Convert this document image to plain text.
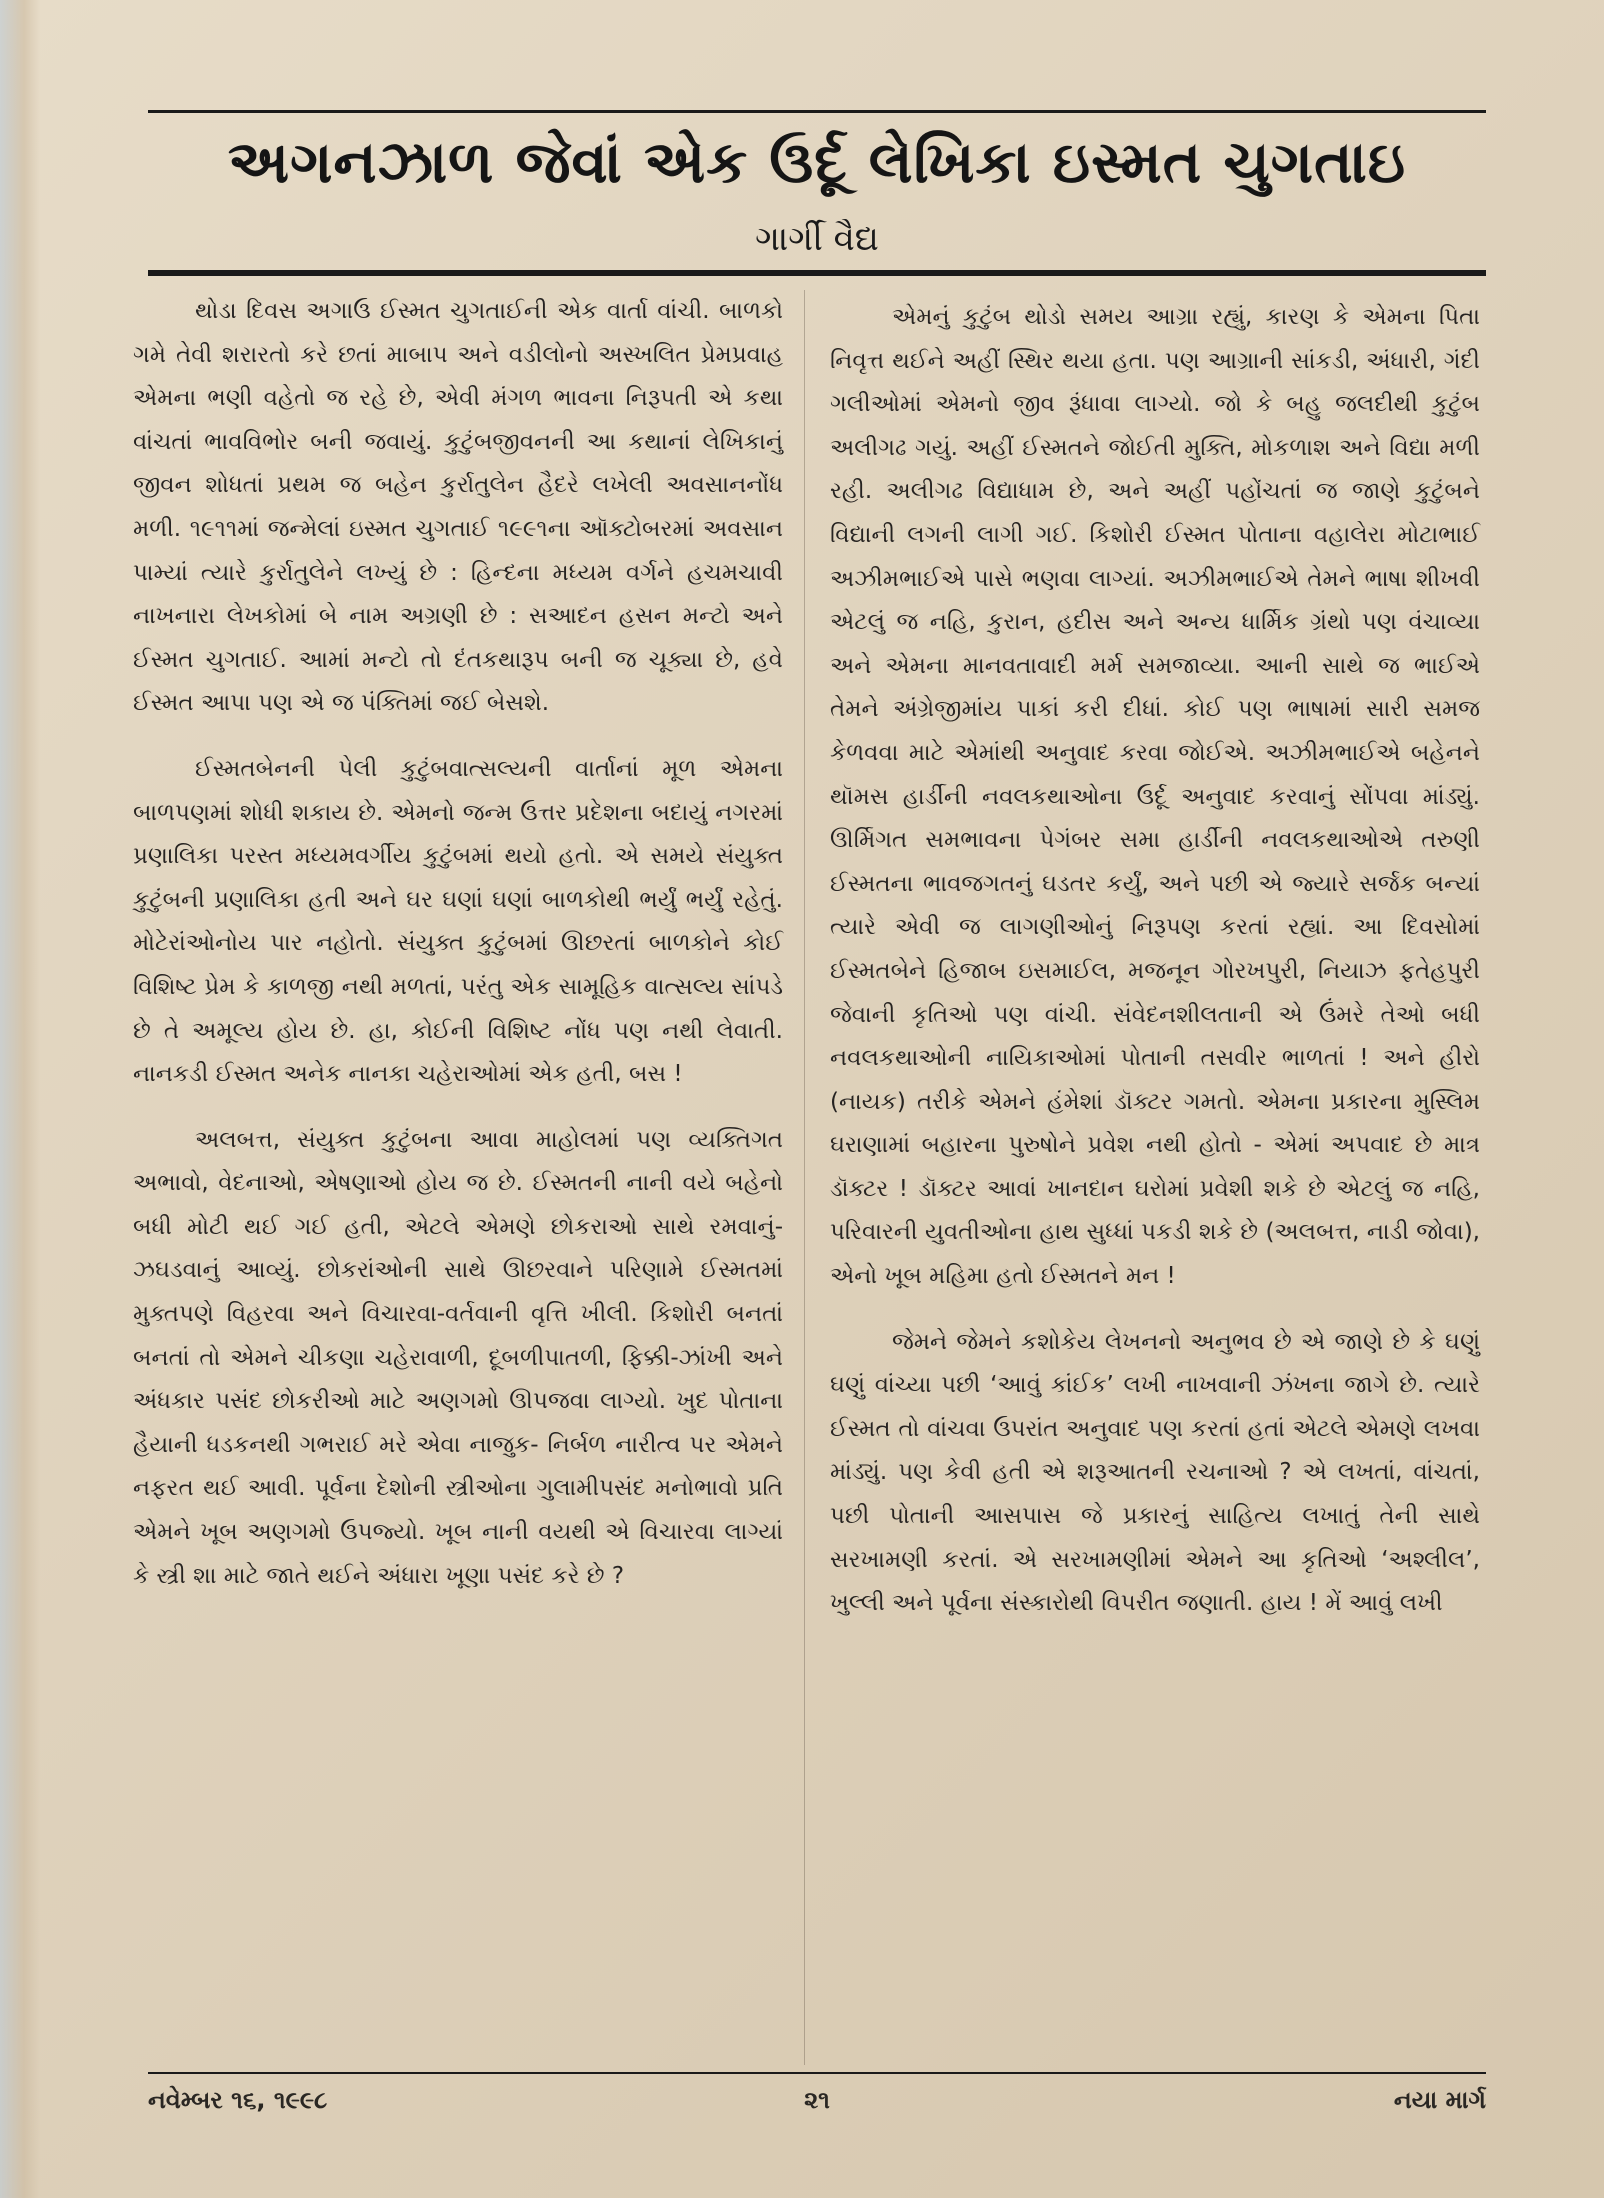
અગનઝાળ જેવાં એક ઉર્દૂ લેખિકા ઇસ્મત ચુગતાઇ
ગાર્ગી વૈદ્ય

થોડા દિવસ અગાઉ ઈસ્મત ચુગતાઈની એક વાર્તા વાંચી. બાળકો ગમે તેવી શરારતો કરે છતાં માબાપ અને વડીલોનો અસ્ખલિત પ્રેમપ્રવાહ એમના ભણી વહેતો જ રહે છે, એવી મંગળ ભાવના નિરૂપતી એ કથા વાંચતાં ભાવવિભોર બની જવાયું. કુટુંબજીવનની આ કથાનાં લેખિકાનું જીવન શોધતાં પ્રથમ જ બહેન કુર્રાતુલેન હૈદરે લખેલી અવસાનનોંધ મળી. ૧૯૧૧માં જન્મેલાં ઇસ્મત ચુગતાઈ ૧૯૯૧ના ઑક્ટોબરમાં અવસાન પામ્યાં ત્યારે કુર્રાતુલેને લખ્યું છે : હિન્દના મધ્યમ વર્ગને હચમચાવી નાખનારા લેખકોમાં બે નામ અગ્રણી છે : સઆદન હસન મન્ટો અને ઈસ્મત ચુગતાઈ. આમાં મન્ટો તો દંતકથારૂપ બની જ ચૂક્યા છે, હવે ઈસ્મત આપા પણ એ જ પંક્તિમાં જઈ બેસશે.

ઈસ્મતબેનની પેલી કુટુંબવાત્સલ્યની વાર્તાનાં મૂળ એમના બાળપણમાં શોધી શકાય છે. એમનો જન્મ ઉત્તર પ્રદેશના બદાયું નગરમાં પ્રણાલિકા પરસ્ત મધ્યમવર્ગીય કુટુંબમાં થયો હતો. એ સમયે સંયુક્ત કુટુંબની પ્રણાલિકા હતી અને ઘર ઘણાં ઘણાં બાળકોથી ભર્યું ભર્યું રહેતું. મોટેરાંઓનોય પાર નહોતો. સંયુક્ત કુટુંબમાં ઊછરતાં બાળકોને કોઈ વિશિષ્ટ પ્રેમ કે કાળજી નથી મળતાં, પરંતુ એક સામૂહિક વાત્સલ્ય સાંપડે છે તે અમૂલ્ય હોય છે. હા, કોઈની વિશિષ્ટ નોંધ પણ નથી લેવાતી. નાનકડી ઈસ્મત અનેક નાનકા ચહેરાઓમાં એક હતી, બસ !

અલબત્ત, સંયુક્ત કુટુંબના આવા માહોલમાં પણ વ્યક્તિગત અભાવો, વેદનાઓ, એષણાઓ હોય જ છે. ઈસ્મતની નાની વયે બહેનો બધી મોટી થઈ ગઈ હતી, એટલે એમણે છોકરાઓ સાથે રમવાનું-ઝઘડવાનું આવ્યું. છોકરાંઓની સાથે ઊછરવાને પરિણામે ઈસ્મતમાં મુક્તપણે વિહરવા અને વિચારવા-વર્તવાની વૃત્તિ ખીલી. કિશોરી બનતાં બનતાં તો એમને ચીકણા ચહેરાવાળી, દૂબળીપાતળી, ફિક્કી-ઝાંખી અને અંધકાર પસંદ છોકરીઓ માટે અણગમો ઊપજવા લાગ્યો. ખુદ પોતાના હૈયાની ધડકનથી ગભરાઈ મરે એવા નાજુક- નિર્બળ નારીત્વ પર એમને નફરત થઈ આવી. પૂર્વના દેશોની સ્ત્રીઓના ગુલામીપસંદ મનોભાવો પ્રતિ એમને ખૂબ અણગમો ઉપજ્યો. ખૂબ નાની વયથી એ વિચારવા લાગ્યાં કે સ્ત્રી શા માટે જાતે થઈને અંધારા ખૂણા પસંદ કરે છે ?

એમનું કુટુંબ થોડો સમય આગ્રા રહ્યું, કારણ કે એમના પિતા નિવૃત્ત થઈને અહીં સ્થિર થયા હતા. પણ આગ્રાની સાંકડી, અંધારી, ગંદી ગલીઓમાં એમનો જીવ રૂંધાવા લાગ્યો. જો કે બહુ જલદીથી કુટુંબ અલીગઢ ગયું. અહીં ઈસ્મતને જોઈતી મુક્તિ, મોકળાશ અને વિદ્યા મળી રહી. અલીગઢ વિદ્યાધામ છે, અને અહીં પહોંચતાં જ જાણે કુટુંબને વિદ્યાની લગની લાગી ગઈ. કિશોરી ઈસ્મત પોતાના વહાલેરા મોટાભાઈ અઝીમભાઈએ પાસે ભણવા લાગ્યાં. અઝીમભાઈએ તેમને ભાષા શીખવી એટલું જ નહિ, કુરાન, હદીસ અને અન્ય ધાર્મિક ગ્રંથો પણ વંચાવ્યા અને એમના માનવતાવાદી મર્મ સમજાવ્યા. આની સાથે જ ભાઈએ તેમને અંગ્રેજીમાંય પાકાં કરી દીધાં. કોઈ પણ ભાષામાં સારી સમજ કેળવવા માટે એમાંથી અનુવાદ કરવા જોઈએ. અઝીમભાઈએ બહેનને થૉમસ હાર્ડીની નવલકથાઓના ઉર્દૂ અનુવાદ કરવાનું સોંપવા માંડ્યું. ઊર્મિગત સમભાવના પેગંબર સમા હાર્ડીની નવલકથાઓએ તરુણી ઈસ્મતના ભાવજગતનું ઘડતર કર્યું, અને પછી એ જ્યારે સર્જક બન્યાં ત્યારે એવી જ લાગણીઓનું નિરૂપણ કરતાં રહ્યાં. આ દિવસોમાં ઈસ્મતબેને હિજાબ ઇસમાઈલ, મજનૂન ગોરખપુરી, નિયાઝ ફતેહપુરી જેવાની કૃતિઓ પણ વાંચી. સંવેદનશીલતાની એ ઉંમરે તેઓ બધી નવલકથાઓની નાયિકાઓમાં પોતાની તસવીર ભાળતાં ! અને હીરો (નાયક) તરીકે એમને હંમેશાં ડૉક્ટર ગમતો. એમના પ્રકારના મુસ્લિમ ઘરાણામાં બહારના પુરુષોને પ્રવેશ નથી હોતો - એમાં અપવાદ છે માત્ર ડૉક્ટર ! ડૉક્ટર આવાં ખાનદાન ઘરોમાં પ્રવેશી શકે છે એટલું જ નહિ, પરિવારની યુવતીઓના હાથ સુધ્ધાં પકડી શકે છે (અલબત્ત, નાડી જોવા), એનો ખૂબ મહિમા હતો ઈસ્મતને મન !

જેમને જેમને કશોકેય લેખનનો અનુભવ છે એ જાણે છે કે ઘણું ઘણું વાંચ્યા પછી ‘આવું કાંઈક’ લખી નાખવાની ઝંખના જાગે છે. ત્યારે ઈસ્મત તો વાંચવા ઉપરાંત અનુવાદ પણ કરતાં હતાં એટલે એમણે લખવા માંડ્યું. પણ કેવી હતી એ શરૂઆતની રચનાઓ ? એ લખતાં, વાંચતાં, પછી પોતાની આસપાસ જે પ્રકારનું સાહિત્ય લખાતું તેની સાથે સરખામણી કરતાં. એ સરખામણીમાં એમને આ કૃતિઓ ‘અશ્લીલ’, ખુલ્લી અને પૂર્વના સંસ્કારોથી વિપરીત જણાતી. હાય ! મેં આવું લખી

નવેમ્બર ૧૬, ૧૯૯૮	૨૧	નયા માર્ગ
